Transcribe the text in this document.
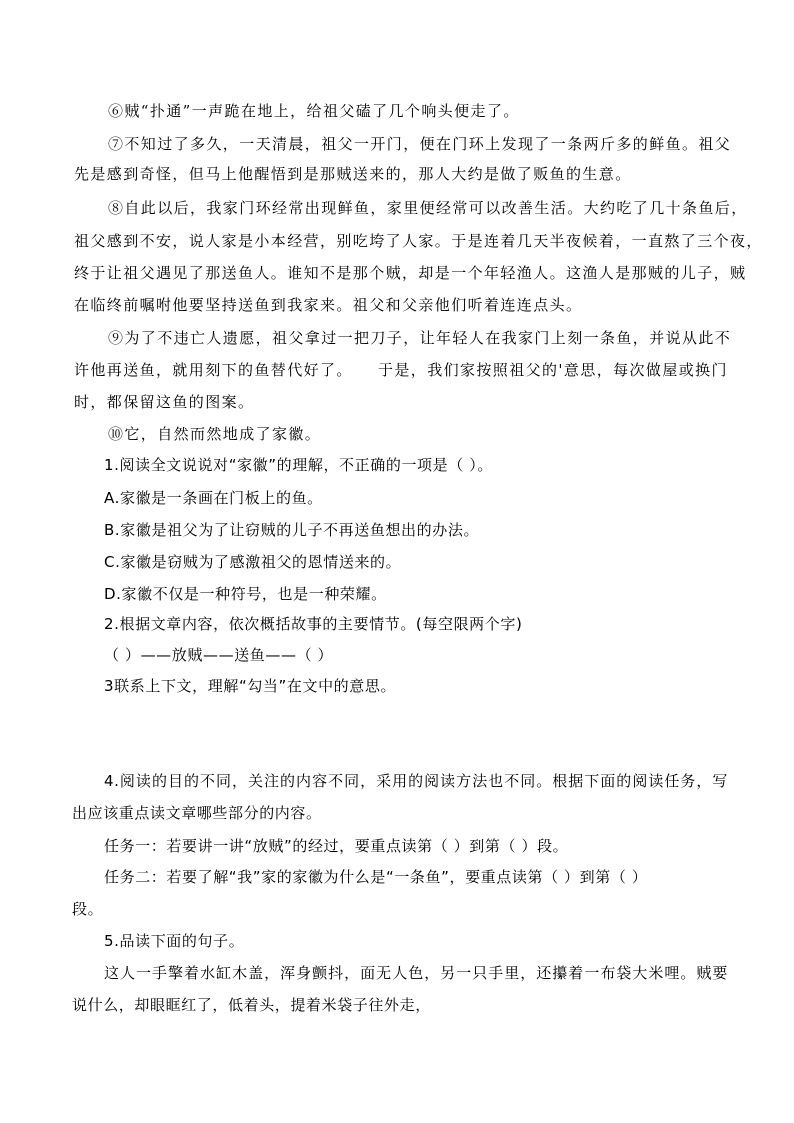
⑥贼“扑通”一声跪在地上，给祖父磕了几个响头便走了。
⑦不知过了多久，一天清晨，祖父一开门，便在门环上发现了一条两斤多的鲜鱼。祖父
先是感到奇怪，但马上他醒悟到是那贼送来的，那人大约是做了贩鱼的生意。
⑧自此以后，我家门环经常出现鲜鱼，家里便经常可以改善生活。大约吃了几十条鱼后，
祖父感到不安，说人家是小本经营，别吃垮了人家。于是连着几天半夜候着，一直熬了三个夜，
终于让祖父遇见了那送鱼人。谁知不是那个贼，却是一个年轻渔人。这渔人是那贼的儿子，贼
在临终前嘱咐他要坚持送鱼到我家来。祖父和父亲他们听着连连点头。
⑨为了不违亡人遗愿，祖父拿过一把刀子，让年轻人在我家门上刻一条鱼，并说从此不
许他再送鱼，就用刻下的鱼替代好了。 于是，我们家按照祖父的'意思，每次做屋或换门
时，都保留这鱼的图案。
⑩它，自然而然地成了家徽。
1.阅读全文说说对“家徽”的理解，不正确的一项是（ ）。
A.家徽是一条画在门板上的鱼。
B.家徽是祖父为了让窃贼的儿子不再送鱼想出的办法。
C.家徽是窃贼为了感激祖父的恩情送来的。
D.家徽不仅是一种符号，也是一种荣耀。
2.根据文章内容，依次概括故事的主要情节。(每空限两个字)
（ ）——放贼——送鱼——（ ）
3联系上下文，理解“勾当”在文中的意思。
4.阅读的目的不同，关注的内容不同，采用的阅读方法也不同。根据下面的阅读任务，写
出应该重点读文章哪些部分的内容。
任务一：若要讲一讲“放贼”的经过，要重点读第（ ）到第（ ）段。
任务二：若要了解“我”家的家徽为什么是“一条鱼”，要重点读第（ ）到第（ ）
段。
5.品读下面的句子。
这人一手擎着水缸木盖，浑身颤抖，面无人色，另一只手里，还攥着一布袋大米哩。贼要
说什么，却眼眶红了，低着头，提着米袋子往外走，
